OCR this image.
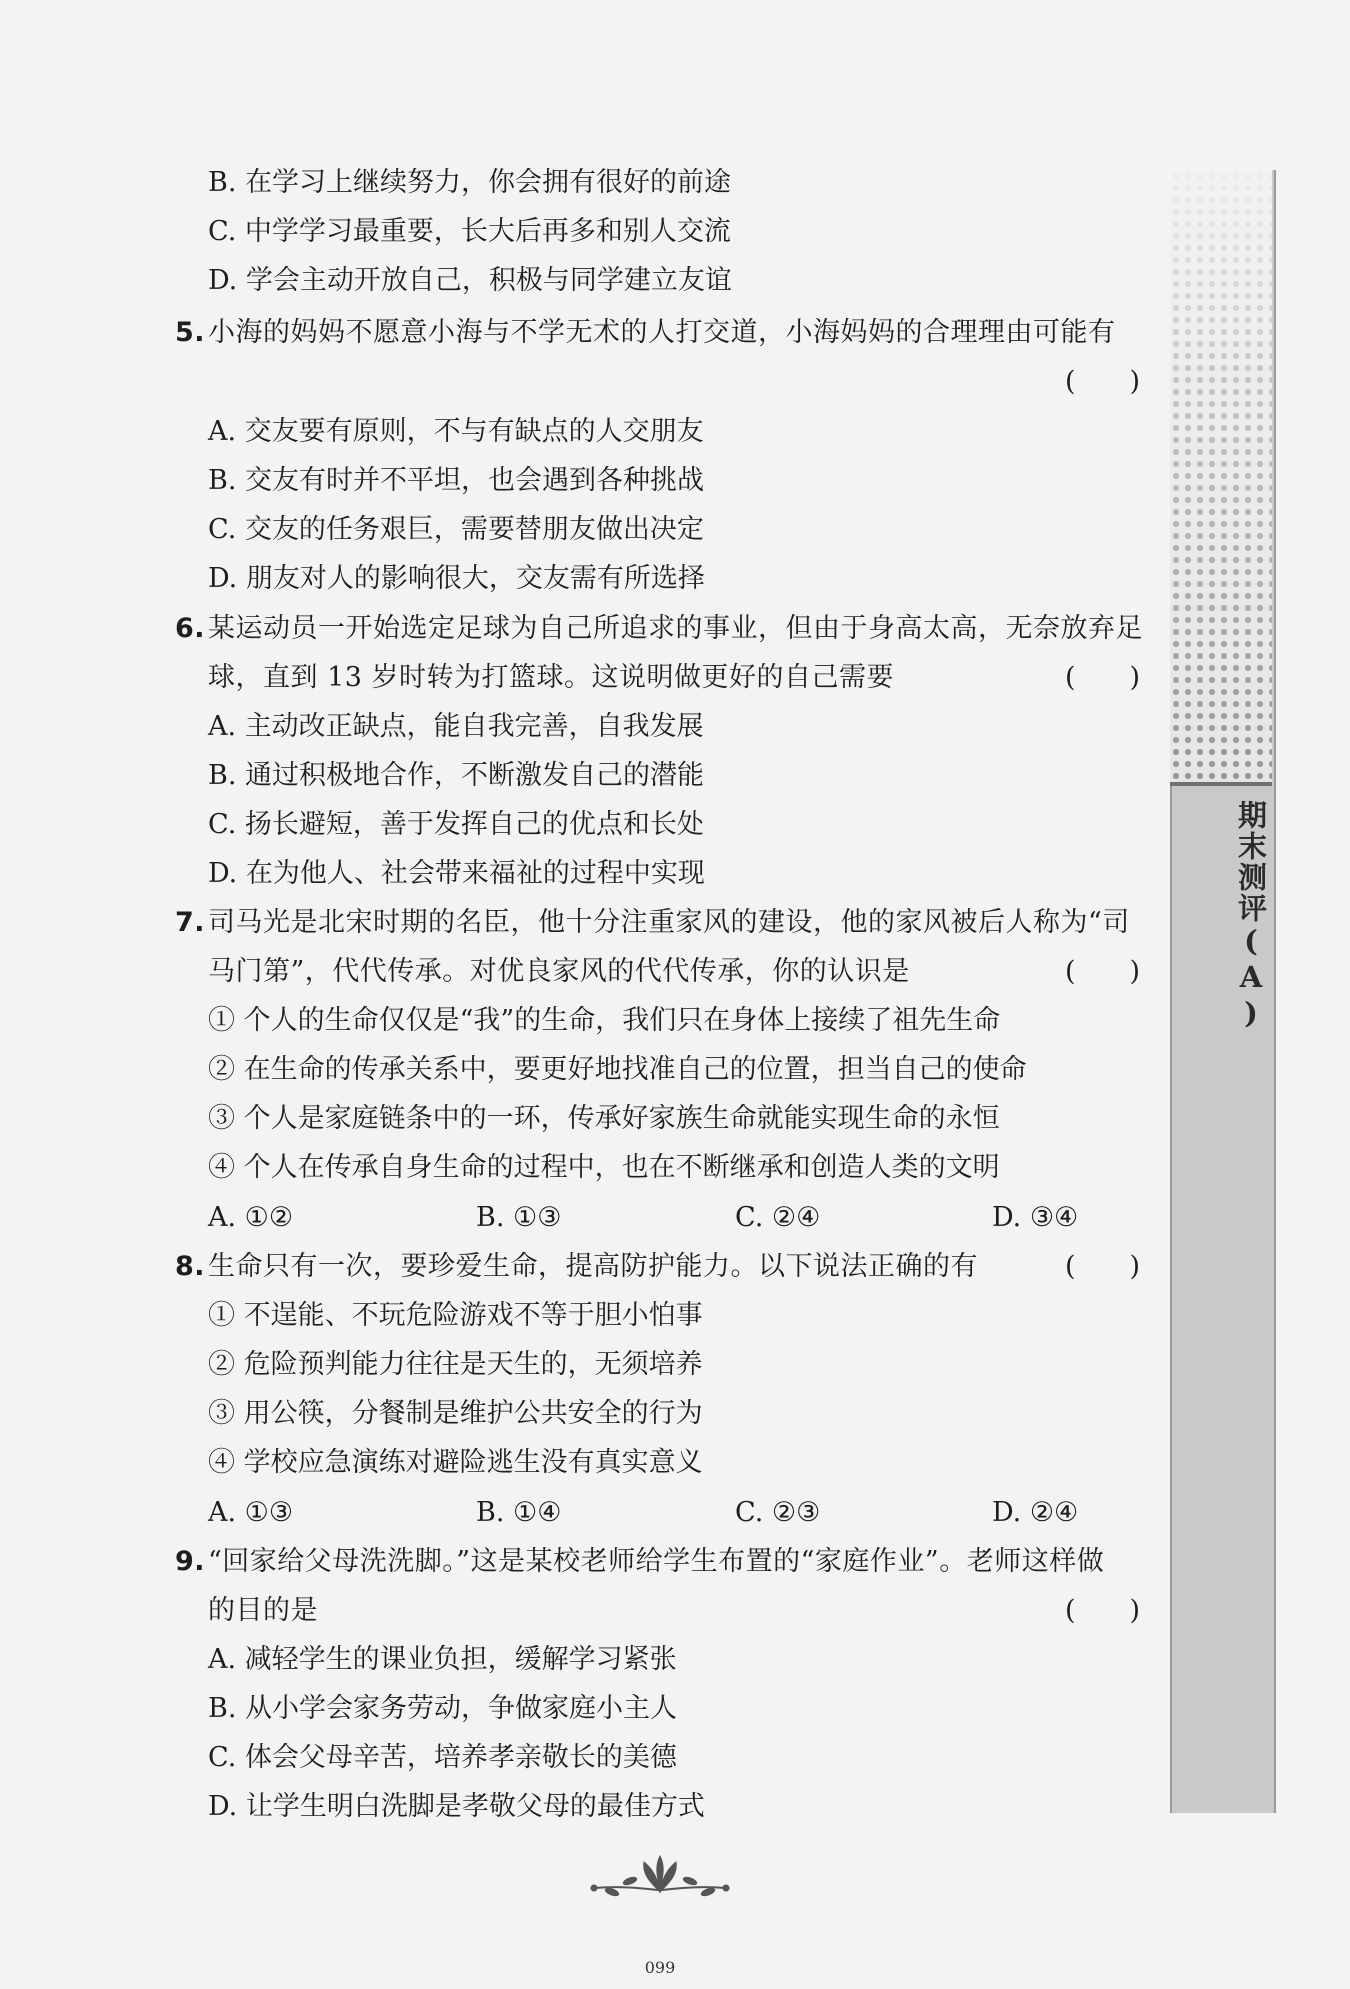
期末测评(A)
B. 在学习上继续努力，你会拥有很好的前途
C. 中学学习最重要，长大后再多和别人交流
D. 学会主动开放自己，积极与同学建立友谊
5. 小海的妈妈不愿意小海与不学无术的人打交道，小海妈妈的合理理由可能有
(　　)
A. 交友要有原则，不与有缺点的人交朋友
B. 交友有时并不平坦，也会遇到各种挑战
C. 交友的任务艰巨，需要替朋友做出决定
D. 朋友对人的影响很大，交友需有所选择
6. 某运动员一开始选定足球为自己所追求的事业，但由于身高太高，无奈放弃足
球，直到 13 岁时转为打篮球。这说明做更好的自己需要	(　　)
A. 主动改正缺点，能自我完善，自我发展
B. 通过积极地合作，不断激发自己的潜能
C. 扬长避短，善于发挥自己的优点和长处
D. 在为他人、社会带来福祉的过程中实现
7. 司马光是北宋时期的名臣，他十分注重家风的建设，他的家风被后人称为“司
马门第”，代代传承。对优良家风的代代传承，你的认识是	(　　)
① 个人的生命仅仅是“我”的生命，我们只在身体上接续了祖先生命
② 在生命的传承关系中，要更好地找准自己的位置，担当自己的使命
③ 个人是家庭链条中的一环，传承好家族生命就能实现生命的永恒
④ 个人在传承自身生命的过程中，也在不断继承和创造人类的文明
A. ①②	B. ①③	C. ②④	D. ③④
8. 生命只有一次，要珍爱生命，提高防护能力。以下说法正确的有	(　　)
① 不逞能、不玩危险游戏不等于胆小怕事
② 危险预判能力往往是天生的，无须培养
③ 用公筷，分餐制是维护公共安全的行为
④ 学校应急演练对避险逃生没有真实意义
A. ①③	B. ①④	C. ②③	D. ②④
9. “回家给父母洗洗脚。”这是某校老师给学生布置的“家庭作业”。老师这样做
的目的是	(　　)
A. 减轻学生的课业负担，缓解学习紧张
B. 从小学会家务劳动，争做家庭小主人
C. 体会父母辛苦，培养孝亲敬长的美德
D. 让学生明白洗脚是孝敬父母的最佳方式
099
